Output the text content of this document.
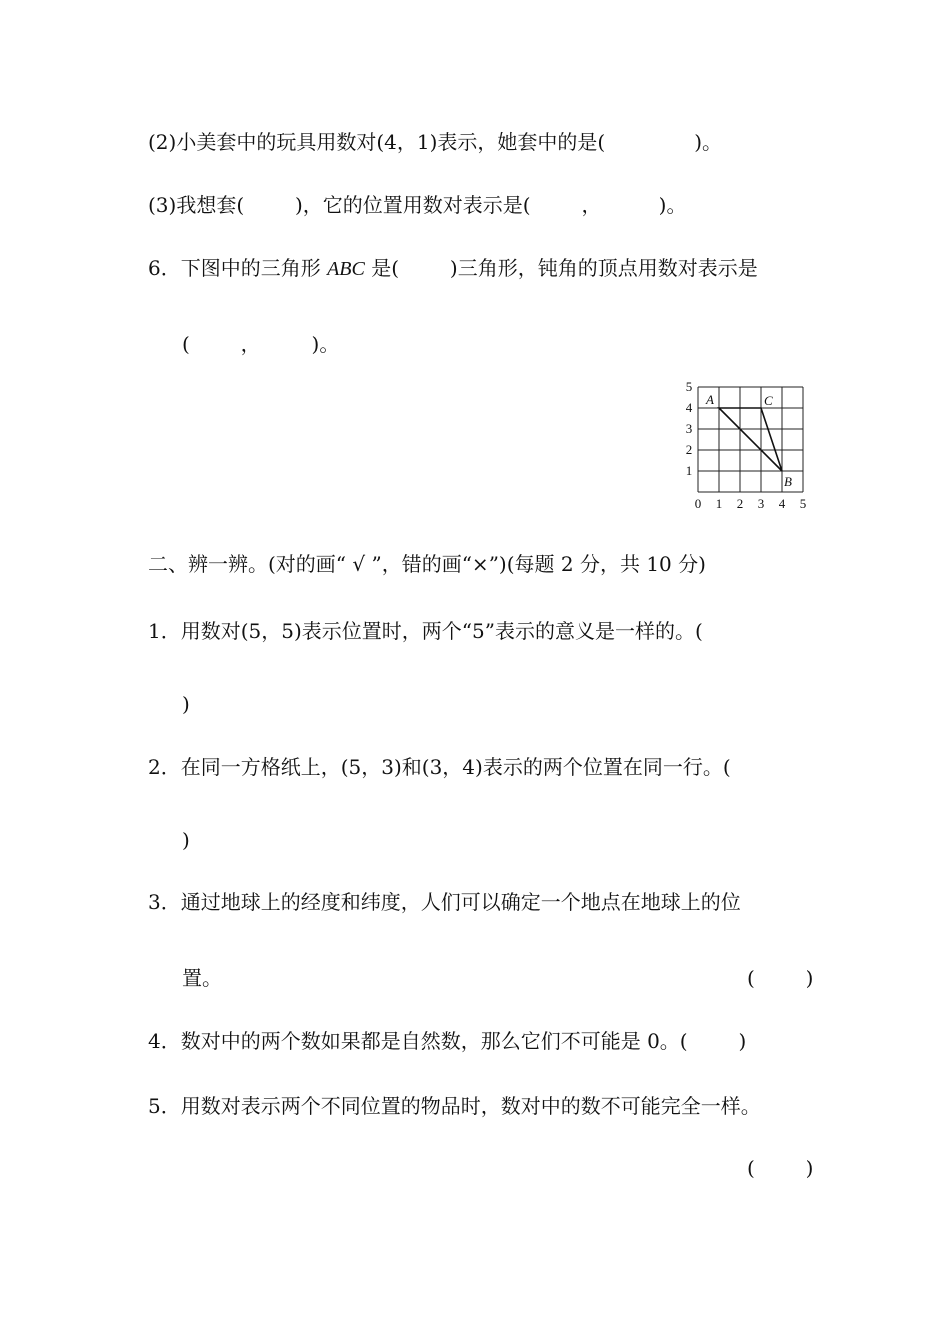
(2)小美套中的玩具用数对(4，1)表示，她套中的是(              )。
(3)我想套(        )，它的位置用数对表示是(        ，         )。
6．下图中的三角形 ABC 是(        )三角形，钝角的顶点用数对表示是
(        ，        )。
0 1 2 3 4 5
1
2
3
4
5
A	C
B
二、辨一辨。(对的画“ √ ”，错的画“×”)(每题 2 分，共 10 分)
1．用数对(5，5)表示位置时，两个“5”表示的意义是一样的。(
)
2．在同一方格纸上，(5，3)和(3，4)表示的两个位置在同一行。(
)
3．通过地球上的经度和纬度，人们可以确定一个地点在地球上的位
置。	(        )
4．数对中的两个数如果都是自然数，那么它们不可能是 0。(        )
5．用数对表示两个不同位置的物品时，数对中的数不可能完全一样。
(        )
